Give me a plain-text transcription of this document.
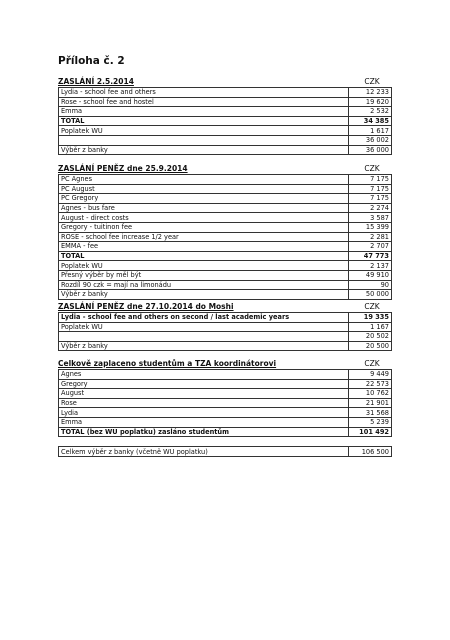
Příloha č. 2
ZASLÁNÍ 2.5.2014	CZK
Lydia - school fee and others	12 233
Rose - school fee and hostel	19 620
Emma	2 532
TOTAL	34 385
Poplatek WU	1 617
	36 002
Výběr z banky	36 000
ZASLÁNÍ PENĚZ dne 25.9.2014	CZK
PC Agnes	7 175
PC August	7 175
PC Gregory	7 175
Agnes - bus fare	2 274
August - direct costs	3 587
Gregory - tuitinon fee	15 399
ROSE - school fee increase 1/2 year	2 281
EMMA - fee	2 707
TOTAL	47 773
Poplatek WU	2 137
Přesný výběr by měl být	49 910
Rozdíl 90 czk = mají na limonádu	90
Výběr z banky	50 000
ZASLÁNÍ PENĚZ dne 27.10.2014 do Moshi	CZK
Lydia - school fee and others on second / last academic years	19 335
Poplatek WU	1 167
	20 502
Výběr z banky	20 500
Celkově zaplaceno studentům a TZA koordinátorovi	CZK
Agnes	9 449
Gregory	22 573
August	10 762
Rose	21 901
Lydia	31 568
Emma	5 239
TOTAL (bez WU poplatku) zasláno studentům	101 492
Celkem výběr z banky (včetně WU poplatku)	106 500
